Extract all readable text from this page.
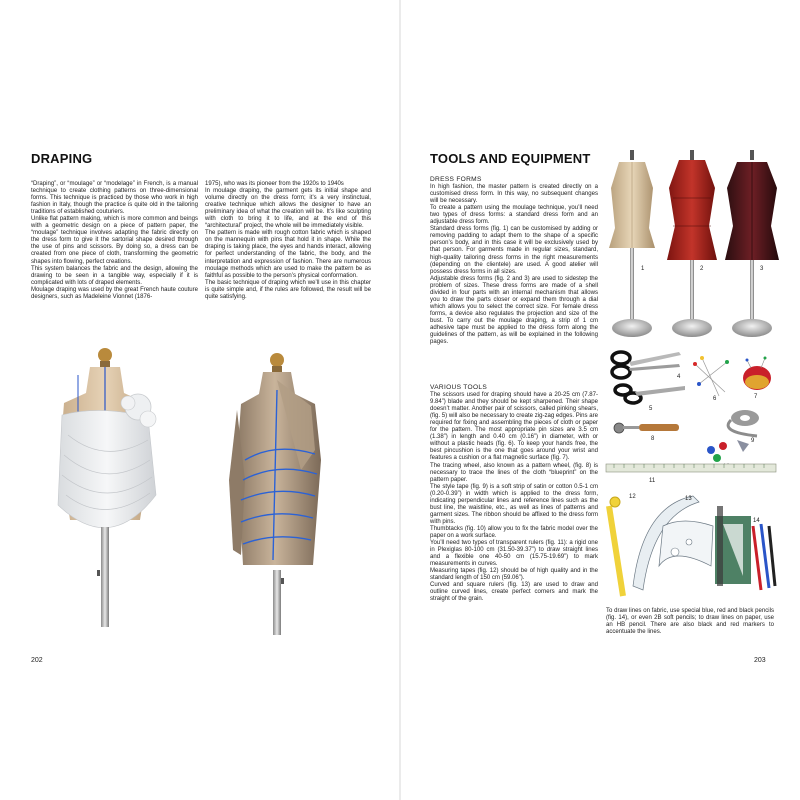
DRAPING

“Draping”, or “moulage” or “modelage” in French, is a manual technique to create clothing patterns on three-dimensional forms. This technique is practiced by those who work in high fashion in Italy, though the practice is quite old in the tailoring traditions of established couturiers.

Unlike flat pattern making, which is more common and beings with a geometric design on a piece of pattern paper, the “moulage” technique involves adapting the fabric directly on the dress form to give it the sartorial shape desired through the use of pins and scissors. By doing so, a dress can be created from one piece of cloth, transforming the geometric shapes into flowing, perfect creations.

This system balances the fabric and the design, allowing the drawing to be seen in a tangible way, especially if it is complicated with lots of draped elements.

Moulage draping was used by the great French haute couture designers, such as Madeleine Vionnet (1876-

1975), who was its pioneer from the 1920s to 1940s

In moulage draping, the garment gets its initial shape and volume directly on the dress form; it’s a very instinctual, creative technique which allows the designer to have an preliminary idea of what the creation will be. It’s like sculpting with cloth to bring it to life, and at the end of this “architectural” project, the whole will be immediately visible.

The pattern is made with rough cotton fabric which is shaped on the mannequin with pins that hold it in shape. While the draping is taking place, the eyes and hands interact, allowing for perfect understanding of the fabric, the body, and the interpretation and expression of fashion. There are numerous moulage methods which are used to make the pattern be as faithful as possible to the person’s physical conformation.

The basic technique of draping which we’ll use in this chapter is quite simple and, if the rules are followed, the result will be quite satisfying.

202
TOOLS AND EQUIPMENT
DRESS FORMS

In high fashion, the master pattern is created directly on a customised dress form. In this way, no subsequent changes will be necessary.

To create a pattern using the moulage technique, you’ll need two types of dress forms: a standard dress form and an adjustable dress form.

Standard dress forms (fig. 1) can be customised by adding or removing padding to adapt them to the shape of a specific person’s body, and in this case it will be exclusively used by that person. For garments made in regular sizes, standard, high-quality tailoring dress forms in the right measurements (depending on the clientele) are used. A good atelier will possess dress forms in all sizes.

Adjustable dress forms (fig. 2 and 3) are used to sidestep the problem of sizes. These dress forms are made of a shell divided in four parts with an internal mechanism that allows you to draw the parts closer or expand them through a dial which allows you to select the correct size. For female dress forms, a device also regulates the projection and size of the bust. To carry out the moulage draping, a strip of 1 cm adhesive tape must be applied to the dress form along the guidelines of the pattern, as will be explained in the following pages.

VARIOUS TOOLS

The scissors used for draping should have a 20-25 cm (7.87-9.84”) blade and they should be kept sharpened. Their shape doesn’t matter. Another pair of scissors, called pinking shears, (fig. 5) will also be necessary to create zig-zag edges. Pins are required for fixing and assembling the pieces of cloth or paper for the pattern. The most appropriate pin sizes are 3.5 cm (1.38”) in length and 0.40 cm (0.16”) in diameter, with or without a plastic heads (fig. 6). To keep your hands free, the best pincushion is the one that goes around your wrist and features a cushion or a flat magnetic surface (fig. 7).

The tracing wheel, also known as a pattern wheel, (fig. 8) is necessary to trace the lines of the cloth “blueprint” on the pattern paper.

The style tape (fig. 9) is a soft strip of satin or cotton 0.5-1 cm (0.20-0.39”) in width which is applied to the dress form, indicating perpendicular lines and reference lines such as the bust line, the waistline, etc., as well as lines of patterns and garment sizes. The ribbon should be affixed to the dress form with pins.

Thumbtacks (fig. 10) allow you to fix the fabric model over the paper on a work surface.

You’ll need two types of transparent rulers (fig. 11): a rigid one in Plexiglas 80-100 cm (31.50-39.37”) to draw straight lines and a flexible one 40-50 cm (15.75-19.69”) to mark measurements in curves.

Measuring tapes (fig. 12) should be of high quality and in the standard length of 150 cm (59.06”).

Curved and square rulers (fig. 13) are used to draw and outline curved lines, create perfect corners and mark the straight of the grain.

1	2	3
4
5
6	7
8	9
11
12	13
14

To draw lines on fabric, use special blue, red and black pencils (fig. 14), or even 2B soft pencils; to draw lines on paper, use an HB pencil. There are also black and red markers to accentuate the lines.

203
